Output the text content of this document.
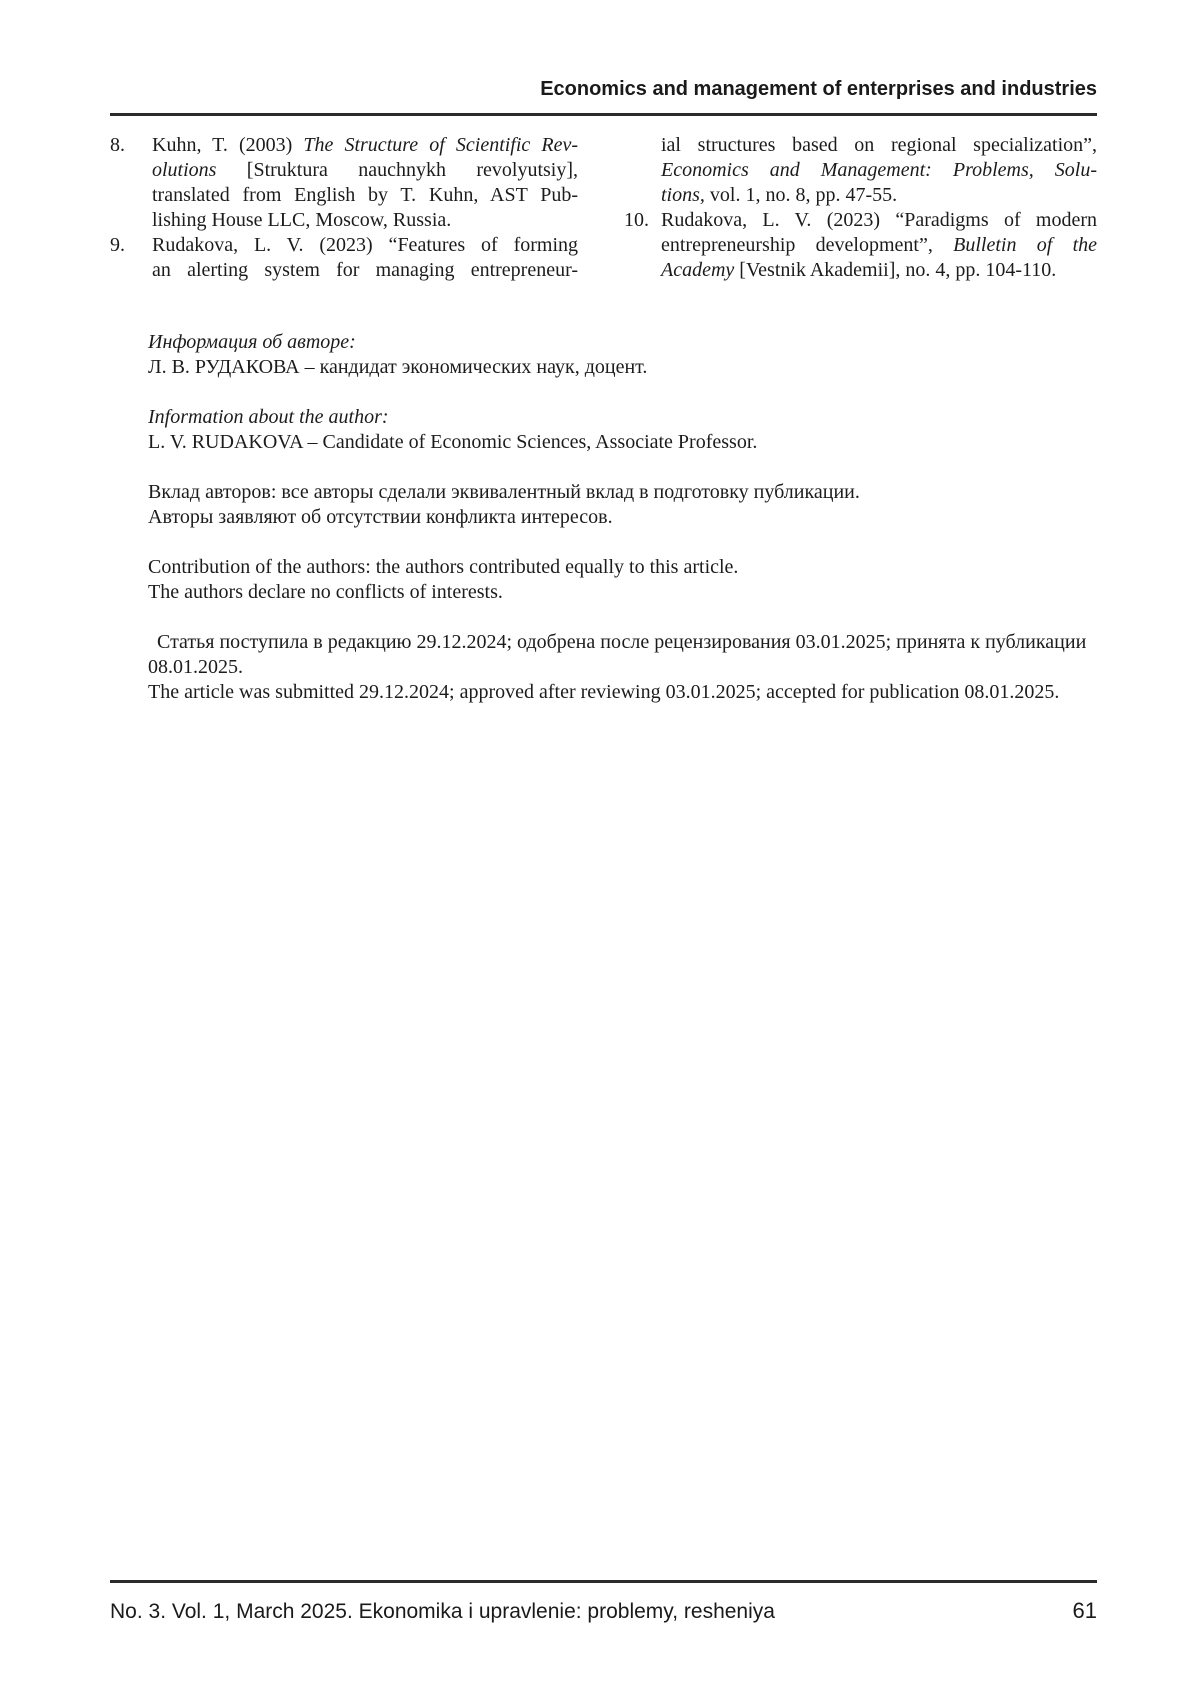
Economics and management of enterprises and industries
8. Kuhn, T. (2003) The Structure of Scientific Rev-
olutions [Struktura nauchnykh revolyutsiy],
translated from English by T. Kuhn, AST Pub-
lishing House LLC, Moscow, Russia.
9. Rudakova, L. V. (2023) “Features of forming
an alerting system for managing entrepreneur-
ial structures based on regional specialization”,
Economics and Management: Problems, Solu-
tions, vol. 1, no. 8, pp. 47-55.
10. Rudakova, L. V. (2023) “Paradigms of modern
entrepreneurship development”, Bulletin of the
Academy [Vestnik Akademii], no. 4, pp. 104-110.
Информация об авторе:
Л. В. РУДАКОВА – кандидат экономических наук, доцент.
Information about the author:
L. V. RUDAKOVA – Candidate of Economic Sciences, Associate Professor.
Вклад авторов: все авторы сделали эквивалентный вклад в подготовку публикации.
Авторы заявляют об отсутствии конфликта интересов.
Contribution of the authors: the authors contributed equally to this article.
The authors declare no conflicts of interests.
Статья поступила в редакцию 29.12.2024; одобрена после рецензирования 03.01.2025; принята к публикации
08.01.2025.
The article was submitted 29.12.2024; approved after reviewing 03.01.2025; accepted for publication 08.01.2025.
No. 3. Vol. 1, March 2025. Ekonomika i upravlenie: problemy, resheniya	61
